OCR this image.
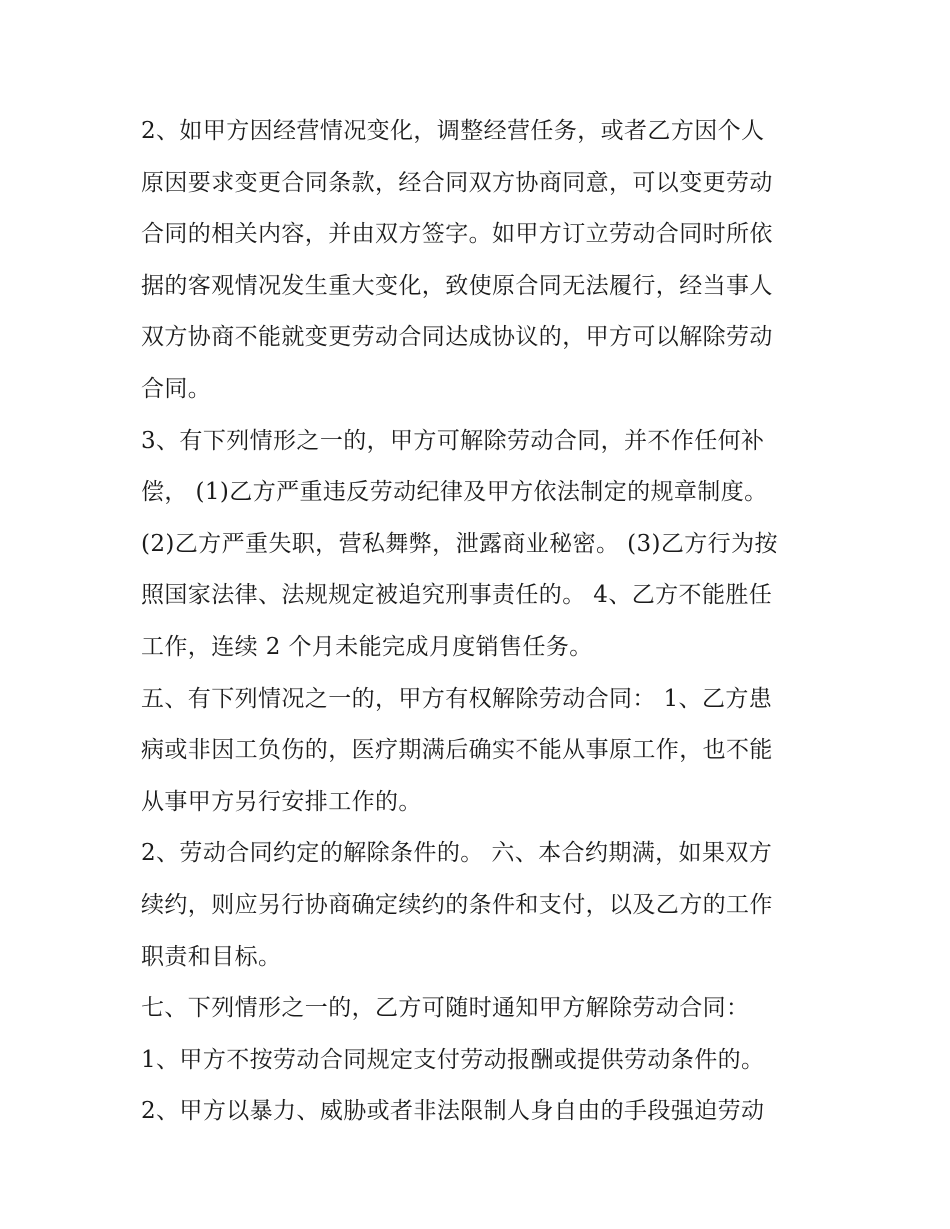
2、如甲方因经营情况变化，调整经营任务，或者乙方因个人
原因要求变更合同条款，经合同双方协商同意，可以变更劳动
合同的相关内容，并由双方签字。如甲方订立劳动合同时所依
据的客观情况发生重大变化，致使原合同无法履行，经当事人
双方协商不能就变更劳动合同达成协议的，甲方可以解除劳动
合同。
3、有下列情形之一的，甲方可解除劳动合同，并不作任何补
偿， (1)乙方严重违反劳动纪律及甲方依法制定的规章制度。
(2)乙方严重失职，营私舞弊，泄露商业秘密。 (3)乙方行为按
照国家法律、法规规定被追究刑事责任的。 4、乙方不能胜任
工作，连续 2 个月未能完成月度销售任务。
五、有下列情况之一的，甲方有权解除劳动合同： 1、乙方患
病或非因工负伤的，医疗期满后确实不能从事原工作，也不能
从事甲方另行安排工作的。
2、劳动合同约定的解除条件的。 六、本合约期满，如果双方
续约，则应另行协商确定续约的条件和支付，以及乙方的工作
职责和目标。
七、下列情形之一的，乙方可随时通知甲方解除劳动合同：
1、甲方不按劳动合同规定支付劳动报酬或提供劳动条件的。
2、甲方以暴力、威胁或者非法限制人身自由的手段强迫劳动
